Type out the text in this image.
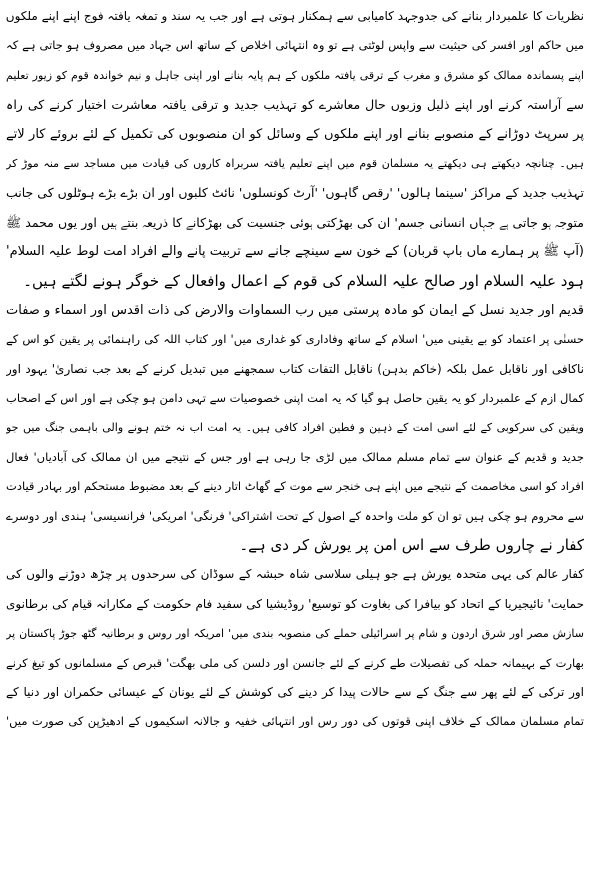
نظریات کا علمبردار بنانے کی جدوجہد کامیابی سے ہمکنار ہوتی ہے اور جب یہ سند و تمغہ یافتہ فوج اپنے اپنے ملکوں
میں حاکم اور افسر کی حیثیت سے واپس لوٹتی ہے تو وہ انتہائی اخلاص کے ساتھ اس جہاد میں مصروف ہو جاتی ہے کہ
اپنے پسماندہ ممالک کو مشرق و مغرب کے ترقی یافتہ ملکوں کے ہم پایہ بنانے اور اپنی جاہل و نیم خواندہ قوم کو زیور تعلیم
سے آراستہ کرنے اور اپنے ذلیل وزبوں حال معاشرے کو تہذیب جدید و ترقی یافتہ معاشرت اختیار کرنے کی راہ
پر سرپٹ دوڑانے کے منصوبے بنانے اور اپنے ملکوں کے وسائل کو ان منصوبوں کی تکمیل کے لئے بروئے کار لاتے
ہیں۔ چنانچہ دیکھتے ہی دیکھتے یہ مسلمان قوم میں اپنے تعلیم یافتہ سربراہ کاروں کی قیادت میں مساجد سے منہ موڑ کر
تہذیب جدید کے مراکز 'سینما ہالوں' 'رقص گاہوں' 'آرٹ کونسلوں' نائٹ کلبوں اور ان بڑے بڑے ہوٹلوں کی جانب
متوجہ ہو جاتی ہے جہاں انسانی جسم' ان کی بھڑکتی ہوئی جنسیت کی بھڑکانے کا ذریعہ بنتے ہیں اور یوں محمد ﷺ
(آپ ﷺ پر ہمارے ماں باپ قربان) کے خون سے سینچے جانے سے تربیت پانے والے افراد امت لوط علیہ السلام'
ہود علیہ السلام اور صالح علیہ السلام کی قوم کے اعمال وافعال کے خوگر ہونے لگتے ہیں۔
قدیم اور جدید نسل کے ایمان کو مادہ پرستی میں رب السماوات والارض کی ذات اقدس اور اسماء و صفات
حسنٰی پر اعتماد کو بے یقینی میں' اسلام کے ساتھ وفاداری کو غداری میں' اور کتاب اللہ کی راہنمائی پر یقین کو اس کے
ناکافی اور ناقابل عمل بلکہ (خاکم بدہن) ناقابل التفات کتاب سمجھنے میں تبدیل کرنے کے بعد جب نصاریٰ' یہود اور
کمال ازم کے علمبردار کو یہ یقین حاصل ہو گیا کہ یہ امت اپنی خصوصیات سے تہی دامن ہو چکی ہے اور اس کے اصحاب
ویقین کی سرکوبی کے لئے اسی امت کے ذہین و فطین افراد کافی ہیں۔ یہ امت اب نہ ختم ہونے والی باہمی جنگ میں جو
جدید و قدیم کے عنوان سے تمام مسلم ممالک میں لڑی جا رہی ہے اور جس کے نتیجے میں ان ممالک کی آبادیاں' فعال
افراد کو اسی مخاصمت کے نتیجے میں اپنے ہی خنجر سے موت کے گھاٹ اتار دینے کے بعد مضبوط مستحکم اور بہادر قیادت
سے محروم ہو چکی ہیں تو ان کو ملت واحدہ کے اصول کے تحت اشتراکی' فرنگی' امریکی' فرانسیسی' ہندی اور دوسرے
کفار نے چاروں طرف سے اس امن پر یورش کر دی ہے۔
کفار عالم کی یہی متحدہ یورش ہے جو ہیلی سلاسی شاہ حبشہ کے سوڈان کی سرحدوں پر چڑھ دوڑنے والوں کی
حمایت' نائیجیریا کے اتحاد کو بیافرا کی بغاوت کو توسیع' روڈیشیا کی سفید فام حکومت کے مکارانہ قیام کی برطانوی
سازش مصر اور شرق اردون و شام پر اسرائیلی حملے کی منصوبہ بندی میں' امریکہ اور روس و برطانیہ گٹھ جوڑ پاکستان پر
بھارت کے بہیمانہ حملہ کی تفصیلات طے کرنے کے لئے جانسن اور دلسن کی ملی بھگت' قبرص کے مسلمانوں کو تیغ کرنے
اور ترکی کے لئے پھر سے جنگ کے سے حالات پیدا کر دینے کی کوشش کے لئے یونان کے عیسائی حکمران اور دنیا کے
تمام مسلمان ممالک کے خلاف اپنی قوتوں کی دور رس اور انتہائی خفیہ و جالانہ اسکیموں کے ادھیڑپن کی صورت میں'
